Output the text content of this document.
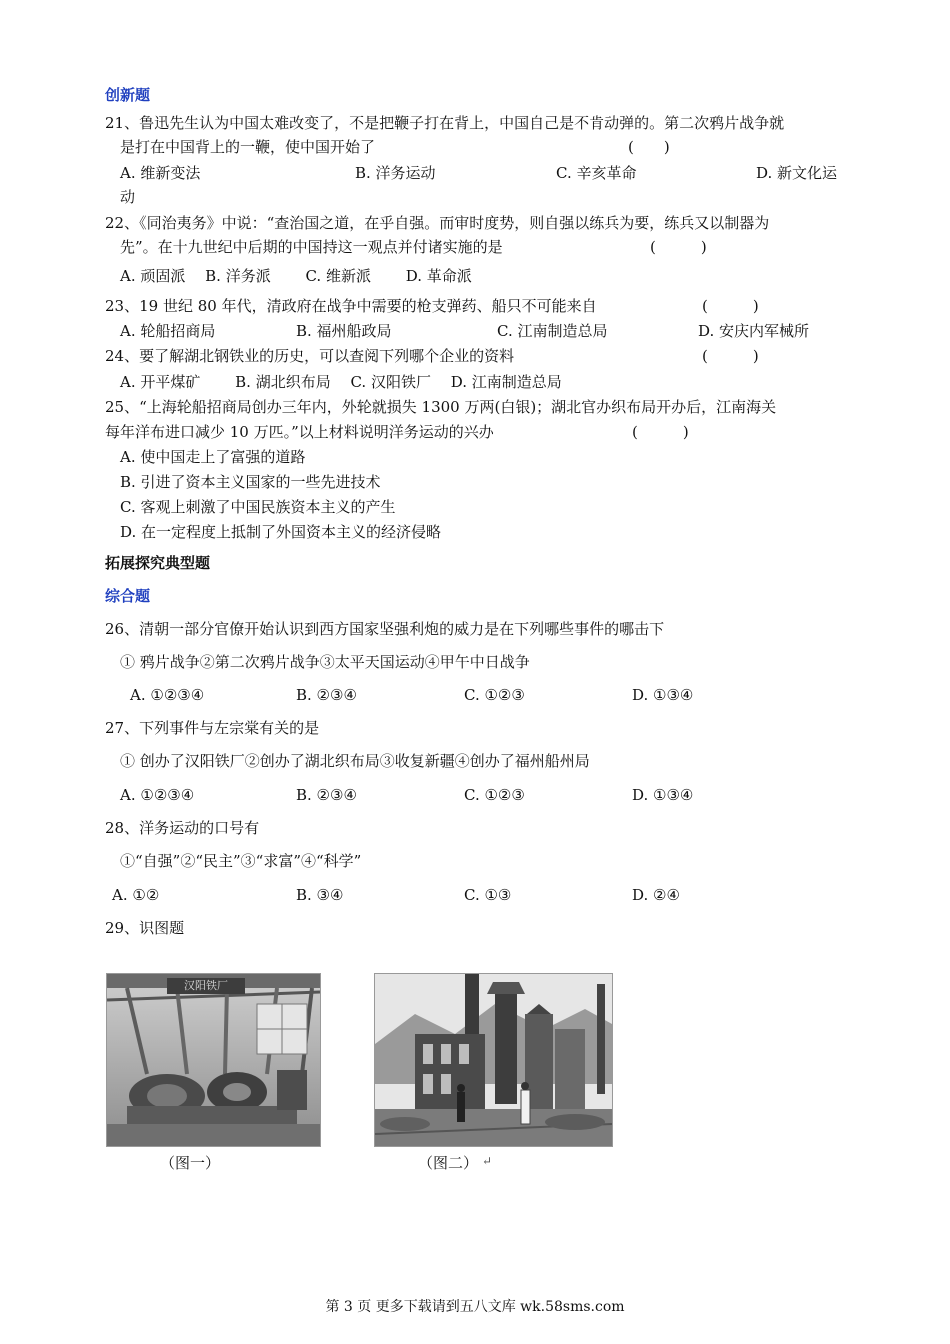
创新题
21、鲁迅先生认为中国太难改变了，不是把鞭子打在背上，中国自己是不肯动弹的。第二次鸦片战争就
是打在中国背上的一鞭，使中国开始了	(　　)
A. 维新变法	B. 洋务运动	C. 辛亥革命	D. 新文化运
动
22、《同治夷务》中说：“查治国之道，在乎自强。而审时度势，则自强以练兵为要，练兵又以制器为
先”。在十九世纪中后期的中国持这一观点并付诸实施的是	(　　　)
A. 顽固派　 B. 洋务派　　 C. 维新派　　 D. 革命派
23、19 世纪 80 年代，清政府在战争中需要的枪支弹药、船只不可能来自	(　　　)
A. 轮船招商局	B. 福州船政局	C. 江南制造总局	D. 安庆内军械所
24、要了解湖北钢铁业的历史，可以查阅下列哪个企业的资料	(　　　)
A. 开平煤矿　　 B. 湖北织布局　 C. 汉阳铁厂　 D. 江南制造总局
25、“上海轮船招商局创办三年内，外轮就损失 1300 万两(白银)；湖北官办织布局开办后，江南海关
每年洋布进口减少 10 万匹。”以上材料说明洋务运动的兴办	(　　　)
A. 使中国走上了富强的道路
B. 引进了资本主义国家的一些先进技术
C. 客观上刺激了中国民族资本主义的产生
D. 在一定程度上抵制了外国资本主义的经济侵略
拓展探究典型题
综合题
26、清朝一部分官僚开始认识到西方国家坚强利炮的威力是在下列哪些事件的哪击下
① 鸦片战争②第二次鸦片战争③太平天国运动④甲午中日战争
A. ①②③④	B. ②③④	C. ①②③	D. ①③④
27、下列事件与左宗棠有关的是
① 创办了汉阳铁厂②创办了湖北织布局③收复新疆④创办了福州船州局
A. ①②③④	B. ②③④	C. ①②③	D. ①③④
28、洋务运动的口号有
①“自强”②“民主”③“求富”④“科学”
A. ①②	B. ③④	C. ①③	D. ②④
29、识图题
汉阳铁厂
（图一）	（图二） ↵
第 3 页 更多下载请到五八文库 wk.58sms.com
